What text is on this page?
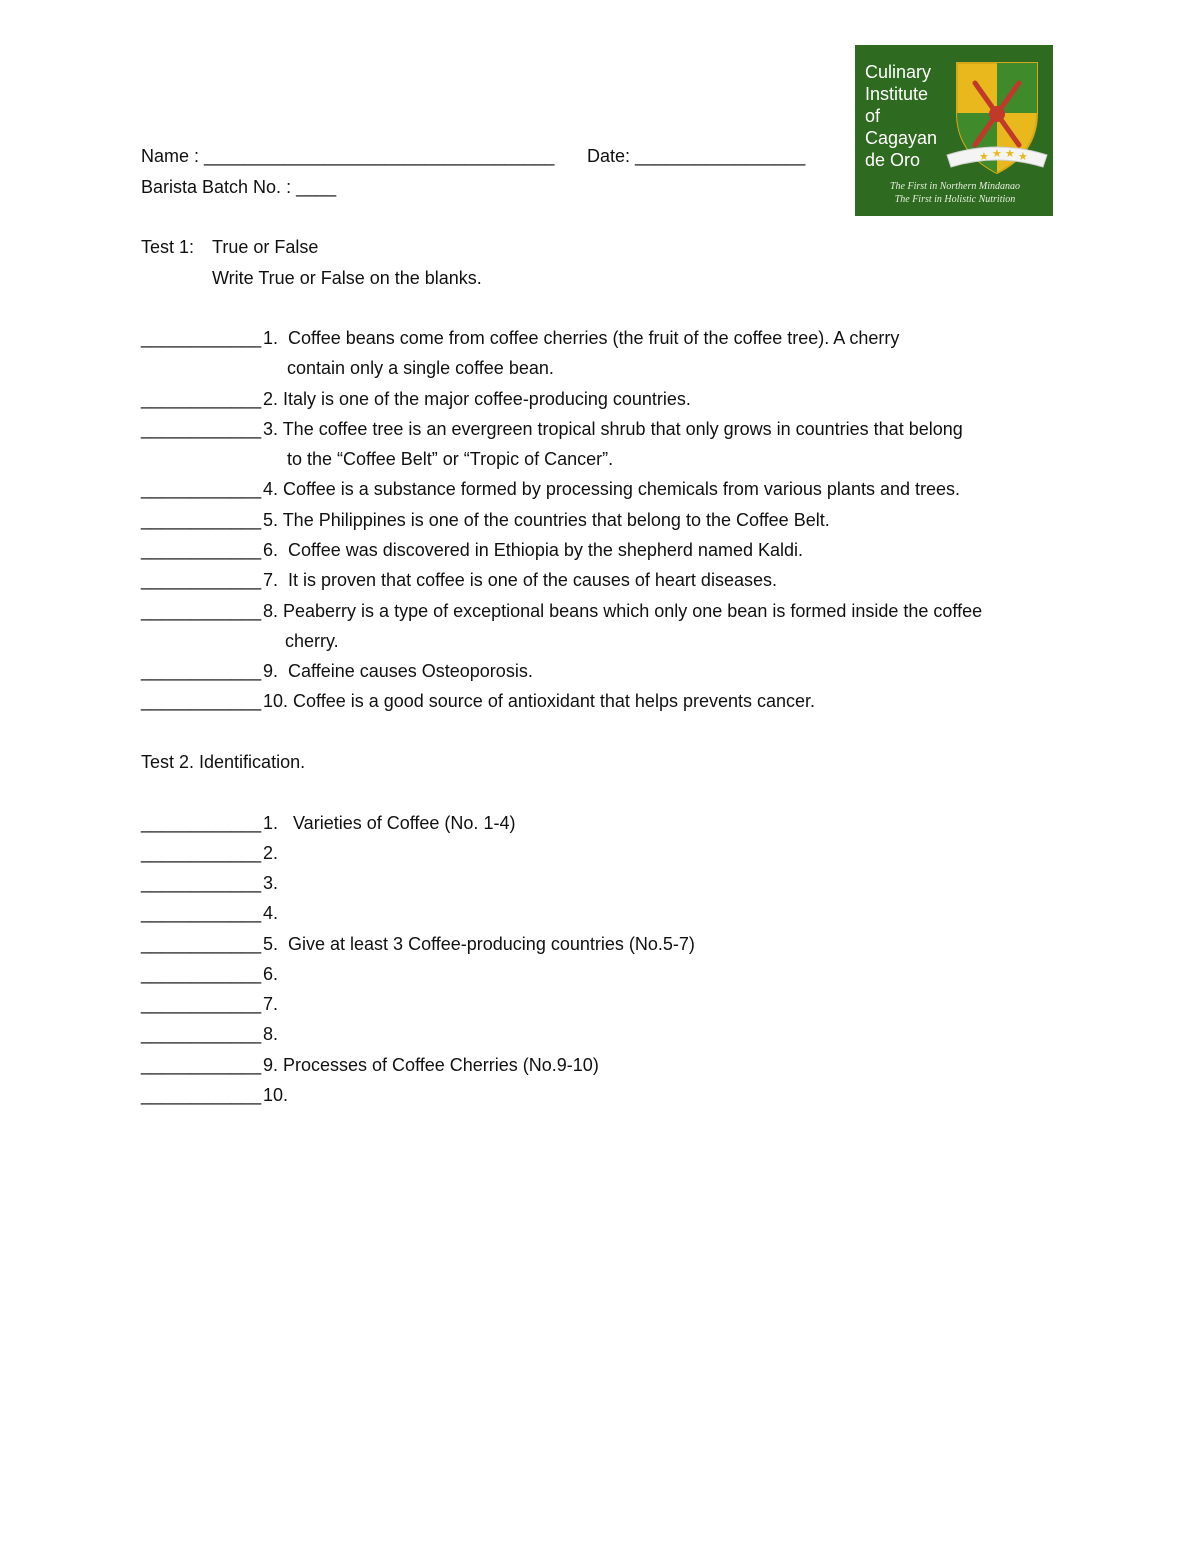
Name : ___________________________________ Date: _________________
Barista Batch No. : ____
Culinary
Institute
of
Cagayan
de Oro	★ ★ ★ ★
The First in Northern Mindanao
The First in Holistic Nutrition
Test 1: True or False
Write True or False on the blanks.
____________ 1.  Coffee beans come from coffee cherries (the fruit of the coffee tree). A cherry
contain only a single coffee bean.
____________ 2. Italy is one of the major coffee-producing countries.
____________ 3. The coffee tree is an evergreen tropical shrub that only grows in countries that belong
to the “Coffee Belt” or “Tropic of Cancer”.
____________ 4. Coffee is a substance formed by processing chemicals from various plants and trees.
____________ 5. The Philippines is one of the countries that belong to the Coffee Belt.
____________ 6.  Coffee was discovered in Ethiopia by the shepherd named Kaldi.
____________ 7.  It is proven that coffee is one of the causes of heart diseases.
____________ 8. Peaberry is a type of exceptional beans which only one bean is formed inside the coffee
cherry.
____________ 9.  Caffeine causes Osteoporosis.
____________ 10. Coffee is a good source of antioxidant that helps prevents cancer.
Test 2. Identification.
____________ 1.   Varieties of Coffee (No. 1-4)
____________ 2.
____________ 3.
____________ 4.
____________ 5.  Give at least 3 Coffee-producing countries (No.5-7)
____________ 6.
____________ 7.
____________ 8.
____________ 9. Processes of Coffee Cherries (No.9-10)
____________ 10.
